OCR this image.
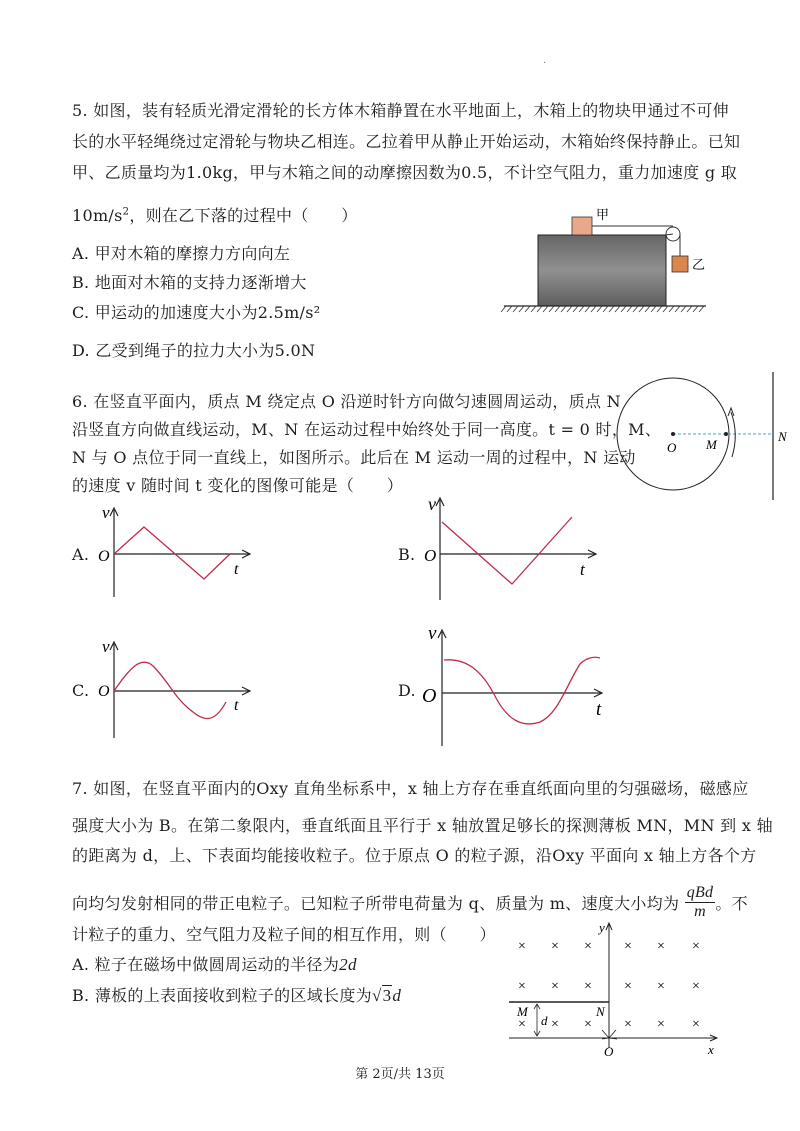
·
5. 如图，装有轻质光滑定滑轮的长方体木箱静置在水平地面上，木箱上的物块甲通过不可伸
长的水平轻绳绕过定滑轮与物块乙相连。乙拉着甲从静止开始运动，木箱始终保持静止。已知
甲、乙质量均为1.0kg，甲与木箱之间的动摩擦因数为0.5，不计空气阻力，重力加速度 g 取
$10m/s^2$，则在乙下落的过程中（　　）
A. 甲对木箱的摩擦力方向向左
B. 地面对木箱的支持力逐渐增大
C. 甲运动的加速度大小为2.5m/s²
D. 乙受到绳子的拉力大小为5.0N
甲
乙
6. 在竖直平面内，质点 M 绕定点 O 沿逆时针方向做匀速圆周运动，质点 N
沿竖直方向做直线运动，M、N 在运动过程中始终处于同一高度。t = 0 时，M、
N 与 O 点位于同一直线上，如图所示。此后在 M 运动一周的过程中，N 运动
的速度 v 随时间 t 变化的图像可能是（　　）
O M
N
A.
v
O
t
B.
v
O
t
C.
v
O
t
D.
v
O
t
7. 如图，在竖直平面内的Oxy 直角坐标系中，x 轴上方存在垂直纸面向里的匀强磁场，磁感应
强度大小为 B。在第二象限内，垂直纸面且平行于 x 轴放置足够长的探测薄板 MN，MN 到 x 轴
的距离为 d，上、下表面均能接收粒子。位于原点 O 的粒子源，沿Oxy 平面向 x 轴上方各个方
向均匀发射相同的带正电粒子。已知粒子所带电荷量为 q、质量为 m、速度大小均为 $\frac{\text{qBd}}{m}$ 。不
计粒子的重力、空气阻力及粒子间的相互作用，则（　　）
A. 粒子在磁场中做圆周运动的半径为2d
B. 薄板的上表面接收到粒子的区域长度为√3d
× × × × × ×
× × × × × ×
× × × × × ×
y
x
O
M	N
d
第 2页/共 13页
